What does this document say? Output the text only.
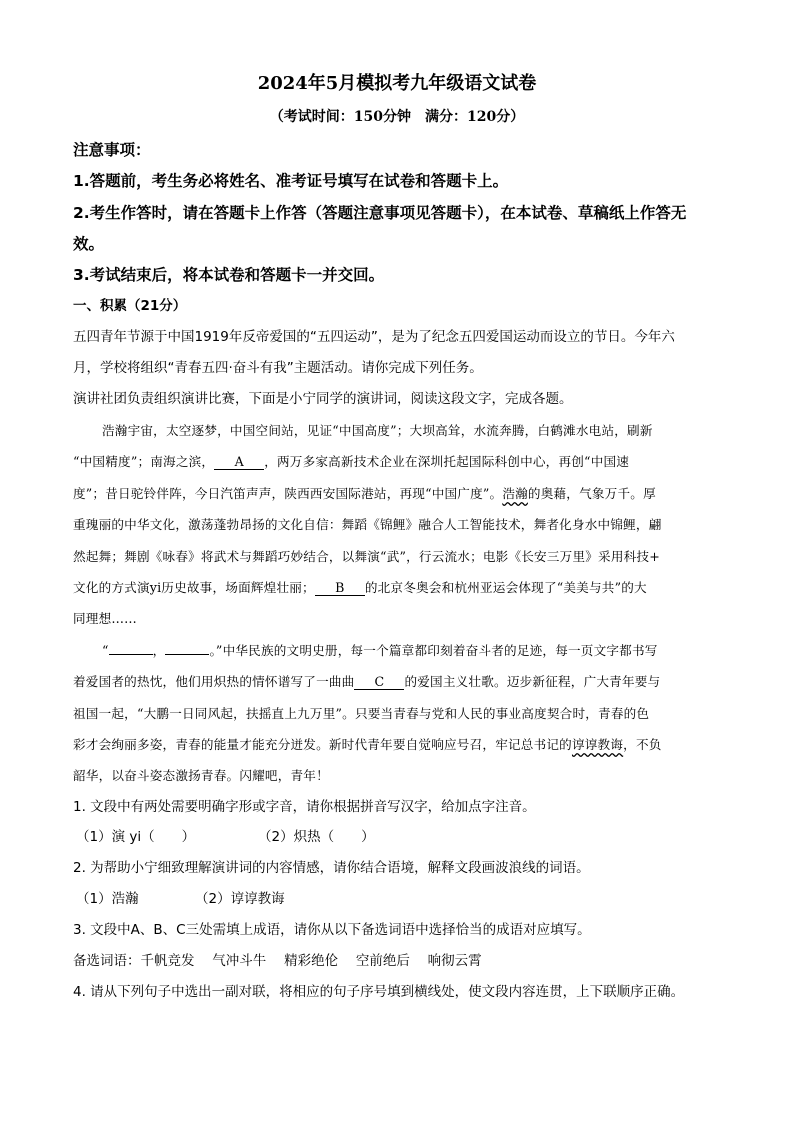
2024年5月模拟考九年级语文试卷
（考试时间：150分钟　满分：120分）
注意事项：
1.答题前，考生务必将姓名、准考证号填写在试卷和答题卡上。
2.考生作答时，请在答题卡上作答（答题注意事项见答题卡），在本试卷、草稿纸上作答无
效。
3.考试结束后，将本试卷和答题卡一并交回。
一、积累（21分）
五四青年节源于中国1919年反帝爱国的“五四运动”，是为了纪念五四爱国运动而设立的节日。今年六
月，学校将组织“青春五四·奋斗有我”主题活动。请你完成下列任务。
演讲社团负责组织演讲比赛，下面是小宁同学的演讲词，阅读这段文字，完成各题。
浩瀚宇宙，太空逐梦，中国空间站，见证“中国高度”；大坝高耸，水流奔腾，白鹤滩水电站，刷新
“中国精度”；南海之滨， A ，两万多家高新技术企业在深圳托起国际科创中心，再创“中国速
度”；昔日驼铃伴阵，今日汽笛声声，陕西西安国际港站，再现“中国广度”。浩瀚的奥藉，气象万千。厚
重瑰丽的中华文化，激荡蓬勃昂扬的文化自信：舞蹈《锦鲤》融合人工智能技术，舞者化身水中锦鲤，翩
然起舞；舞剧《咏春》将武术与舞蹈巧妙结合，以舞演“武”，行云流水；电影《长安三万里》采用科技+
文化的方式演yi历史故事，场面辉煌壮丽； B 的北京冬奥会和杭州亚运会体现了“美美与共”的大
同理想……
“	，	。”中华民族的文明史册，每一个篇章都印刻着奋斗者的足迹，每一页文字都书写
着爱国者的热忱，他们用炽热的情怀谱写了一曲曲 C 的爱国主义壮歌。迈步新征程，广大青年要与
祖国一起，“大鹏一日同风起，扶摇直上九万里”。只要当青春与党和人民的事业高度契合时，青春的色
彩才会绚丽多姿，青春的能量才能充分迸发。新时代青年要自觉响应号召，牢记总书记的谆谆教诲，不负
韶华，以奋斗姿态激扬青春。闪耀吧，青年！
1. 文段中有两处需要明确字形或字音，请你根据拼音写汉字，给加点字注音。
（1）演 yi（　　）	（2）炽热（　　）
2. 为帮助小宁细致理解演讲词的内容情感，请你结合语境，解释文段画波浪线的词语。
（1）浩瀚	（2）谆谆教诲
3. 文段中A、B、C三处需填上成语，请你从以下备选词语中选择恰当的成语对应填写。
备选词语：千帆竞发　 气冲斗牛　 精彩绝伦　 空前绝后　 响彻云霄
4. 请从下列句子中选出一副对联，将相应的句子序号填到横线处，使文段内容连贯，上下联顺序正确。
